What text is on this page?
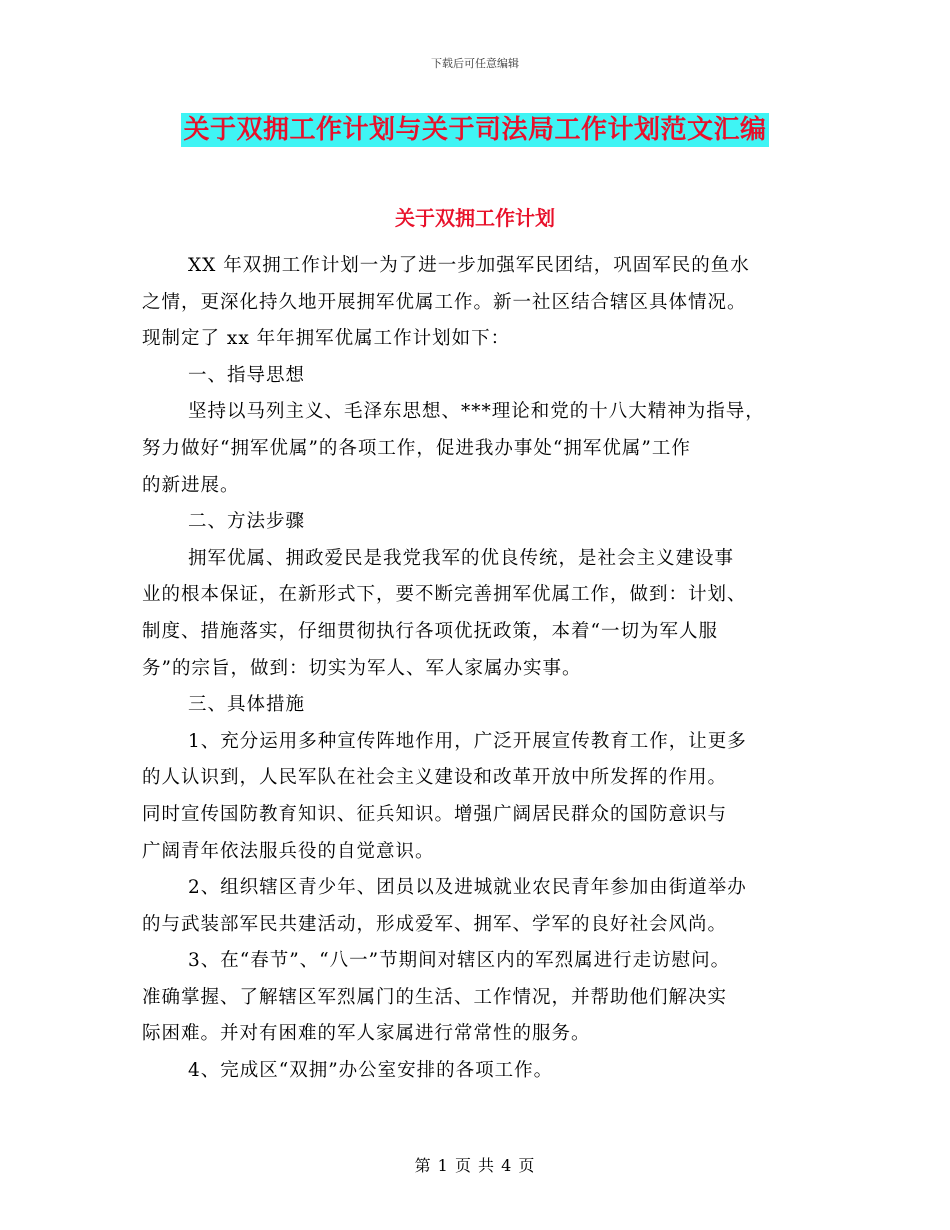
下载后可任意编辑
关于双拥工作计划与关于司法局工作计划范文汇编
关于双拥工作计划
XX 年双拥工作计划一为了进一步加强军民团结，巩固军民的鱼水
之情，更深化持久地开展拥军优属工作。新一社区结合辖区具体情况。
现制定了 xx 年年拥军优属工作计划如下：
一、指导思想
坚持以马列主义、毛泽东思想、***理论和党的十八大精神为指导，
努力做好“拥军优属”的各项工作，促进我办事处“拥军优属”工作
的新进展。
二、方法步骤
拥军优属、拥政爱民是我党我军的优良传统，是社会主义建设事
业的根本保证，在新形式下，要不断完善拥军优属工作，做到：计划、
制度、措施落实，仔细贯彻执行各项优抚政策，本着“一切为军人服
务”的宗旨，做到：切实为军人、军人家属办实事。
三、具体措施
1、充分运用多种宣传阵地作用，广泛开展宣传教育工作，让更多
的人认识到，人民军队在社会主义建设和改革开放中所发挥的作用。
同时宣传国防教育知识、征兵知识。增强广阔居民群众的国防意识与
广阔青年依法服兵役的自觉意识。
2、组织辖区青少年、团员以及进城就业农民青年参加由街道举办
的与武装部军民共建活动，形成爱军、拥军、学军的良好社会风尚。
3、在“春节”、“八一”节期间对辖区内的军烈属进行走访慰问。
准确掌握、了解辖区军烈属门的生活、工作情况，并帮助他们解决实
际困难。并对有困难的军人家属进行常常性的服务。
4、完成区“双拥”办公室安排的各项工作。
第 1 页 共 4 页
